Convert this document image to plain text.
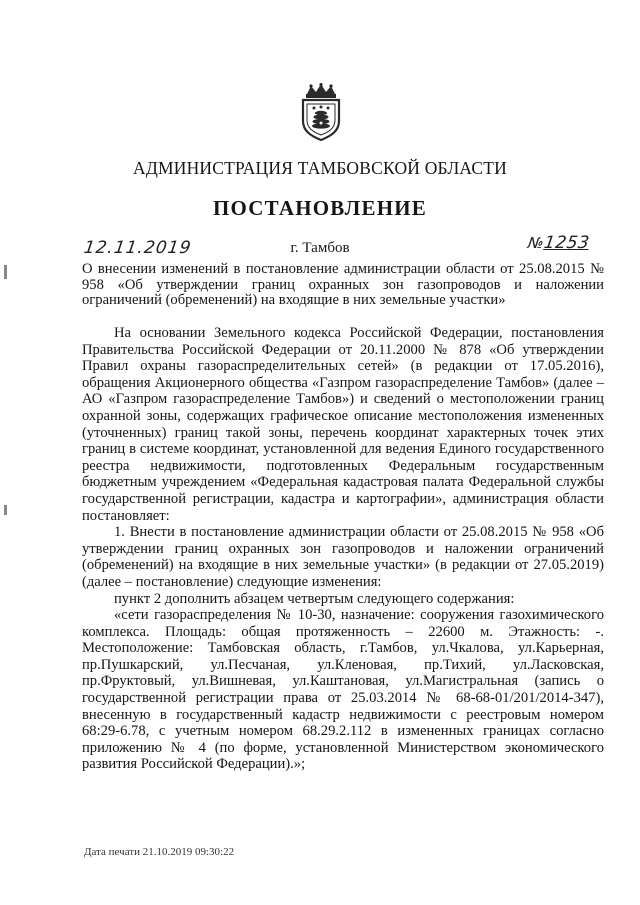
АДМИНИСТРАЦИЯ ТАМБОВСКОЙ ОБЛАСТИ
ПОСТАНОВЛЕНИЕ
12.11.2019	г. Тамбов	№1253

О внесении изменений в постановление администрации области от 25.08.2015 № 958 «Об утверждении границ охранных зон газопроводов и наложении ограничений (обременений) на входящие в них земельные участки»

На основании Земельного кодекса Российской Федерации, постановления Правительства Российской Федерации от 20.11.2000 № 878 «Об утверждении Правил охраны газораспределительных сетей» (в редакции от 17.05.2016), обращения Акционерного общества «Газпром газораспределение Тамбов» (далее – АО «Газпром газораспределение Тамбов») и сведений о местоположении границ охранной зоны, содержащих графическое описание местоположения измененных (уточненных) границ такой зоны, перечень координат характерных точек этих границ в системе координат, установленной для ведения Единого государственного реестра недвижимости, подготовленных Федеральным государственным бюджетным учреждением «Федеральная кадастровая палата Федеральной службы государственной регистрации, кадастра и картографии», администрация области постановляет:

1. Внести в постановление администрации области от 25.08.2015 № 958 «Об утверждении границ охранных зон газопроводов и наложении ограничений (обременений) на входящие в них земельные участки» (в редакции от 27.05.2019) (далее – постановление) следующие изменения:

пункт 2 дополнить абзацем четвертым следующего содержания:

«сети газораспределения № 10-30, назначение: сооружения газохимического комплекса. Площадь: общая протяженность – 22600 м. Этажность: -. Местоположение: Тамбовская область, г.Тамбов, ул.Чкалова, ул.Карьерная, пр.Пушкарский, ул.Песчаная, ул.Кленовая, пр.Тихий, ул.Ласковская, пр.Фруктовый, ул.Вишневая, ул.Каштановая, ул.Магистральная (запись о государственной регистрации права от 25.03.2014 № 68-68-01/201/2014-347), внесенную в государственный кадастр недвижимости с реестровым номером 68:29-6.78, с учетным номером 68.29.2.112 в измененных границах согласно приложению № 4 (по форме, установленной Министерством экономического развития Российской Федерации).»;

Дата печати 21.10.2019 09:30:22
